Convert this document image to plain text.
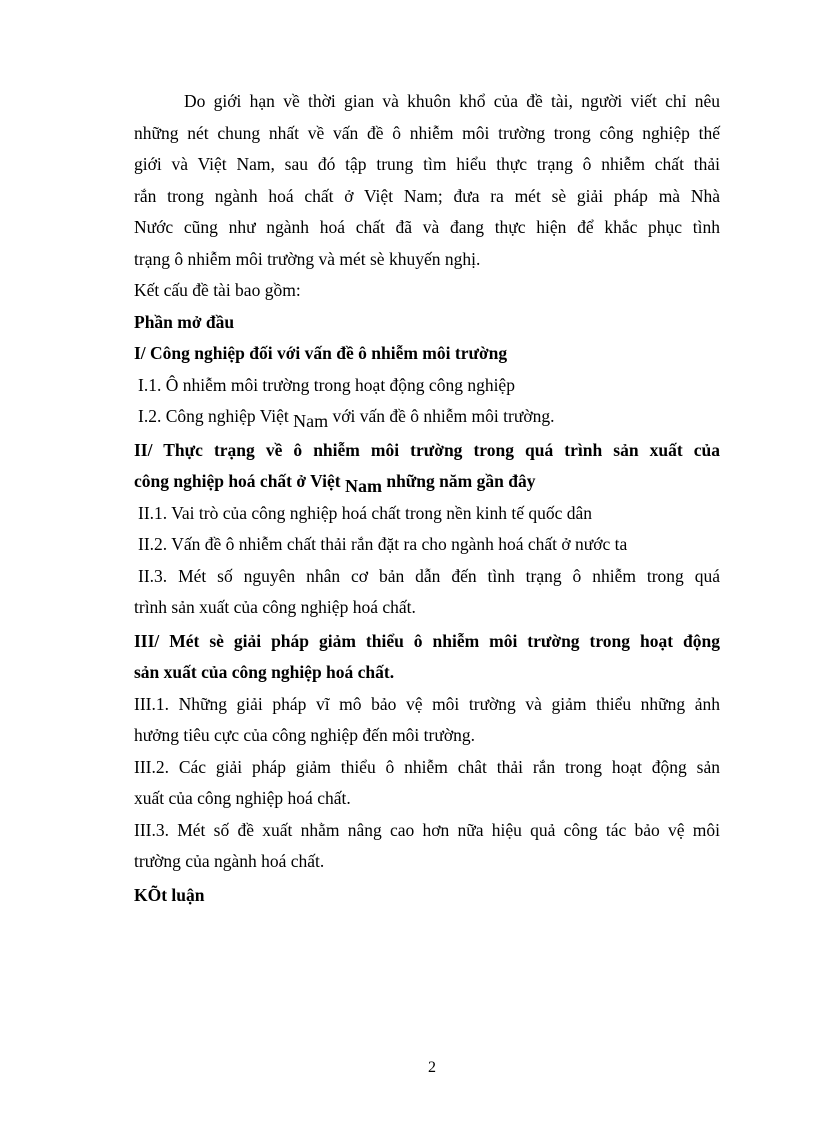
Do giới hạn về thời gian và khuôn khổ của đề tài, người viết chỉ nêu
những nét chung nhất về vấn đề ô nhiễm môi trường trong công nghiệp thế
giới và Việt Nam, sau đó tập trung tìm hiểu thực trạng ô nhiễm chất thải
rắn trong ngành hoá chất ở Việt Nam; đưa ra mét sè giải pháp mà Nhà
Nước cũng như ngành hoá chất đã và đang thực hiện để khắc phục tình
trạng ô nhiễm môi trường và mét sè khuyến nghị.

Kết cấu đề tài bao gồm:

Phần mở đầu

I/ Công nghiệp đối với vấn đề ô nhiễm môi trường

I.1. Ô nhiễm môi trường trong hoạt động công nghiệp

I.2. Công nghiệp Việt Nam với vấn đề ô nhiễm môi trường.

II/ Thực trạng về ô nhiễm môi trường trong quá trình sản xuất của
công nghiệp hoá chất ở Việt Nam những năm gần đây

II.1. Vai trò của công nghiệp hoá chất trong nền kinh tế quốc dân

II.2. Vấn đề ô nhiễm chất thải rắn đặt ra cho ngành hoá chất ở nước ta

II.3. Mét số nguyên nhân cơ bản dẫn đến tình trạng ô nhiễm trong quá
trình sản xuất của công nghiệp hoá chất.
III/ Mét sè giải pháp giảm thiểu ô nhiễm môi trường trong hoạt động
sản xuất của công nghiệp hoá chất.
III.1. Những giải pháp vĩ mô bảo vệ môi trường và giảm thiểu những ảnh
hưởng tiêu cực của công nghiệp đến môi trường.
III.2. Các giải pháp giảm thiểu ô nhiễm chât thải rắn trong hoạt động sản
xuất của công nghiệp hoá chất.
III.3. Mét số đề xuất nhằm nâng cao hơn nữa hiệu quả công tác bảo vệ môi
trường của ngành hoá chất.

KÕt luận

2
